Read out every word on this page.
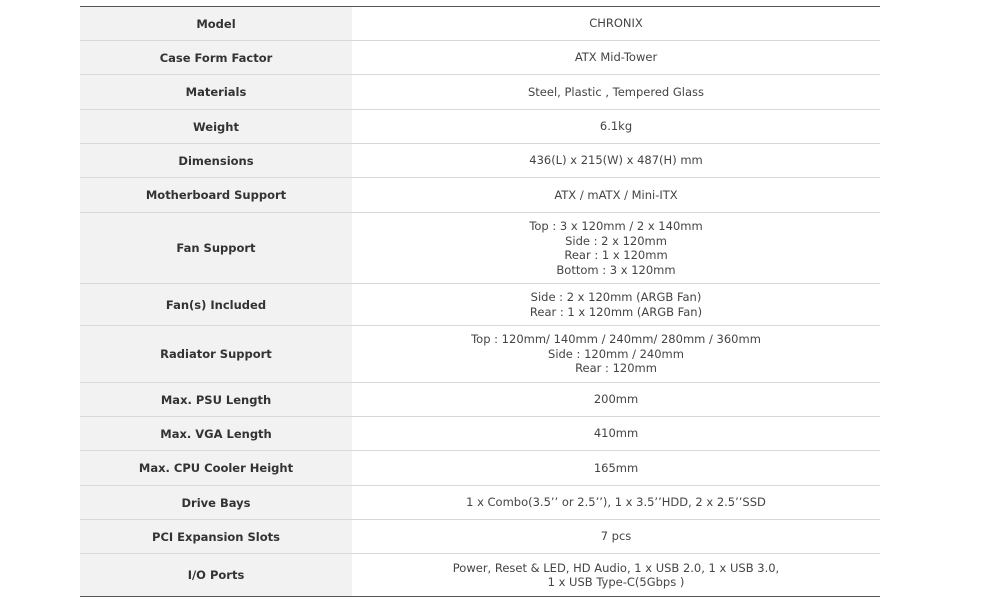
Model	CHRONIX

Case Form Factor	ATX Mid-Tower

Materials	Steel, Plastic , Tempered Glass

Weight	6.1kg

Dimensions	436(L) x 215(W) x 487(H) mm

Motherboard Support	ATX / mATX / Mini-ITX

Fan Support	Top : 3 x 120mm / 2 x 140mm
Side : 2 x 120mm
Rear : 1 x 120mm
Bottom : 3 x 120mm

Fan(s) Included	Side : 2 x 120mm (ARGB Fan)
Rear : 1 x 120mm (ARGB Fan)

Radiator Support	Top : 120mm/ 140mm / 240mm/ 280mm / 360mm
Side : 120mm / 240mm
Rear : 120mm

Max. PSU Length	200mm

Max. VGA Length	410mm

Max. CPU Cooler Height	165mm

Drive Bays	1 x Combo(3.5’’ or 2.5’’), 1 x 3.5’’HDD, 2 x 2.5’’SSD

PCI Expansion Slots	7 pcs

I/O Ports	Power, Reset & LED, HD Audio, 1 x USB 2.0, 1 x USB 3.0,
1 x USB Type-C(5Gbps )
